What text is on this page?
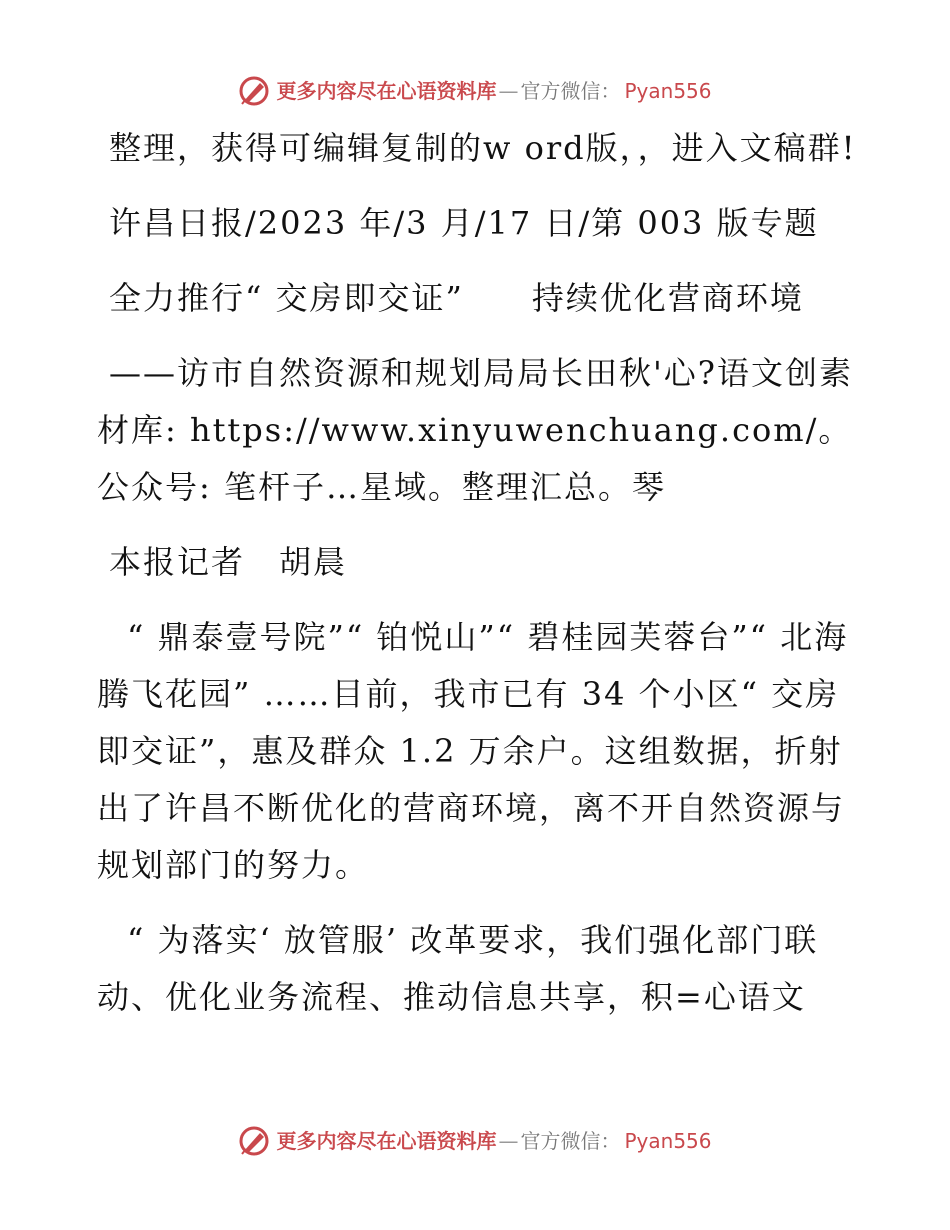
更多内容尽在心语资料库 — 官方微信： Pyan556

整理，获得可编辑复制的w ord版，，进入文稿群!

许昌日报/2023 年/3 月/17 日/第 003 版专题

全力推行“ 交房即交证”　　持续优化营商环境

——访市自然资源和规划局局长田秋'心?语文创素材库: https://www.xinyuwenchuang.com/。公众号: 笔杆子…星域。整理汇总。琴

本报记者　胡晨

“ 鼎泰壹号院”“ 铂悦山”“ 碧桂园芙蓉台”“ 北海腾飞花园” ……目前，我市已有 34 个小区“ 交房即交证”，惠及群众 1.2 万余户。这组数据，折射出了许昌不断优化的营商环境，离不开自然资源与规划部门的努力。

“ 为落实‘ 放管服’ 改革要求，我们强化部门联动、优化业务流程、推动信息共享，积=心语文

更多内容尽在心语资料库 — 官方微信： Pyan556
